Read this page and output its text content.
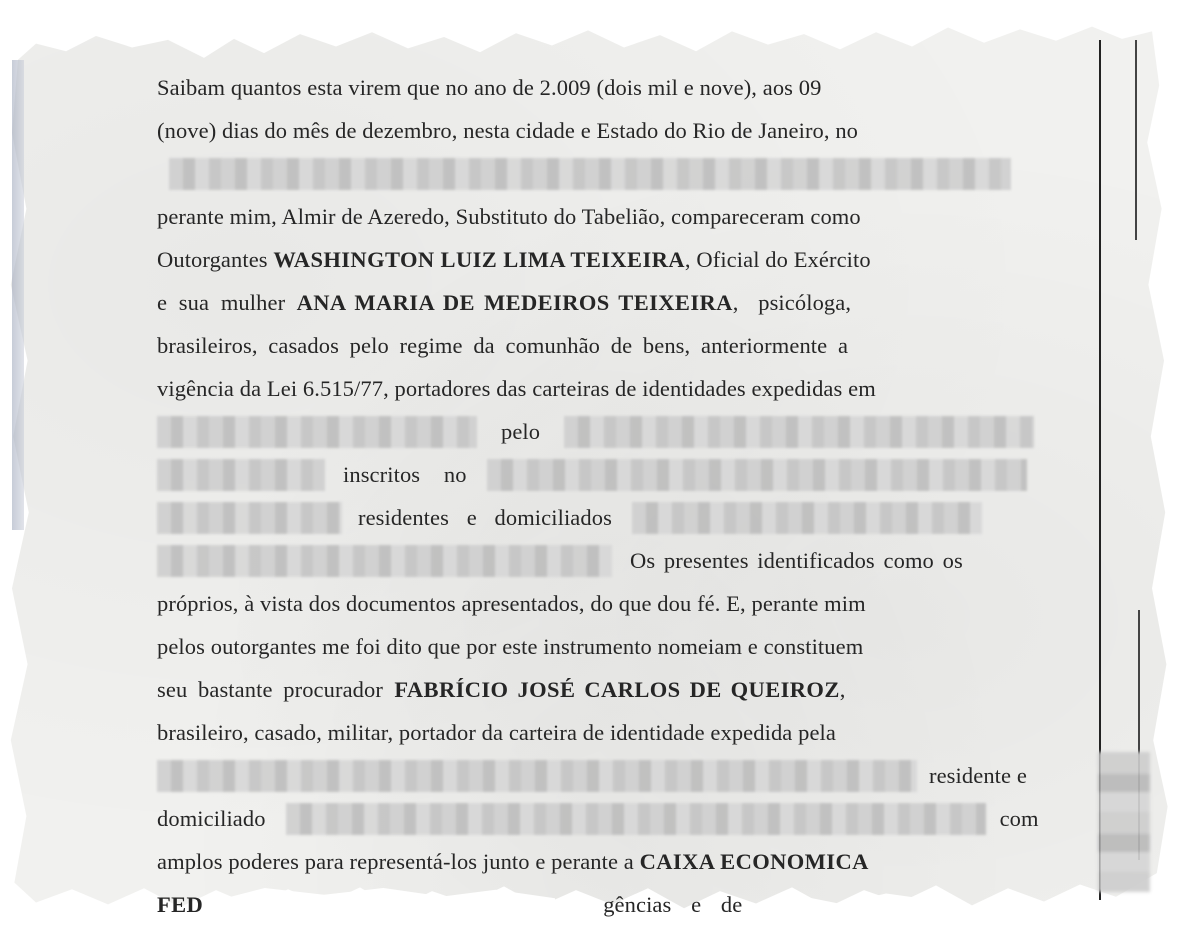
Saibam quantos esta virem que no ano de 2.009 (dois mil e nove), aos 09
(nove) dias do mês de dezembro, nesta cidade e Estado do Rio de Janeiro, no
perante mim, Almir de Azeredo, Substituto do Tabelião, compareceram como
Outorgantes
WASHINGTON LUIZ LIMA TEIXEIRA , Oficial do Exército
e sua mulher
ANA MARIA DE MEDEIROS TEIXEIRA , psicóloga,
brasileiros, casados pelo regime da comunhão de bens, anteriormente a
vigência da Lei 6.515/77, portadores das carteiras de identidades expedidas em
pelo
inscritos no
residentes e domiciliados
Os presentes identificados como os
próprios, à vista dos documentos apresentados, do que dou fé. E, perante mim
pelos outorgantes me foi dito que por este instrumento nomeiam e constituem
seu bastante procurador
FABRÍCIO JOSÉ CARLOS DE QUEIROZ ,
brasileiro, casado, militar, portador da carteira de identidade expedida pela
residente e
domiciliado	com
amplos poderes para representá-los junto e perante a
CAIXA ECONOMICA
FED	gências e de
